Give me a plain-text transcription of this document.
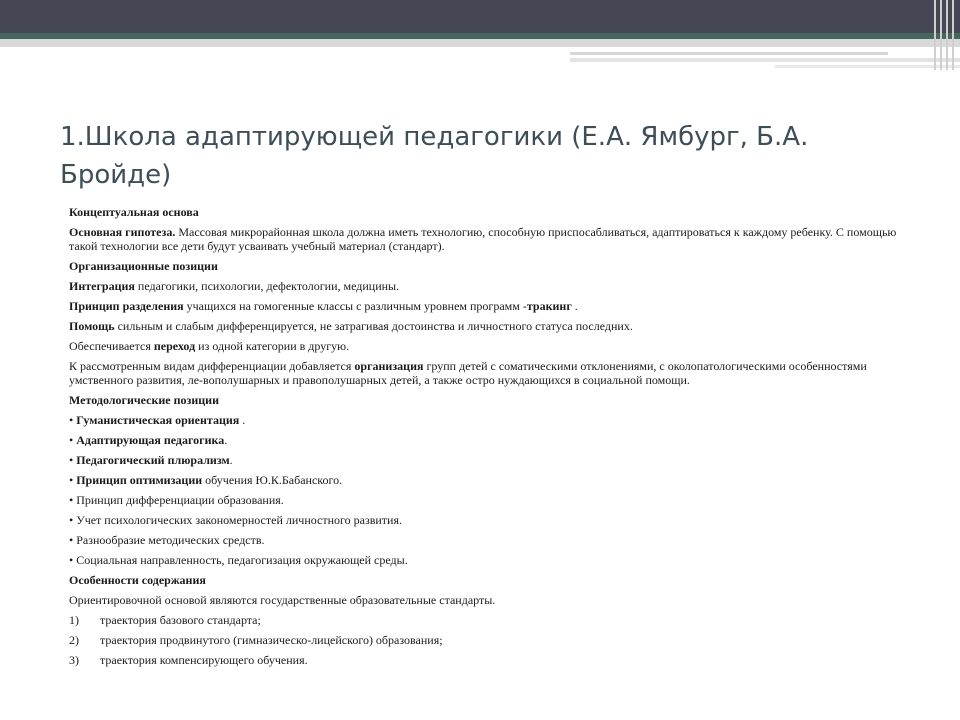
1.Школа адаптирующей педагогики (Е.А. Ямбург, Б.А. Бройде)

Концептуальная основа

Основная гипотеза. Массовая микрорайонная школа должна иметь технологию, способную приспосабливаться, адаптироваться к каждому ребенку. С помощью такой технологии все дети будут усваивать учебный материал (стандарт).

Организационные позиции

Интеграция педагогики, психологии, дефектологии, медицины.

Принцип разделения учащихся на гомогенные классы с различным уровнем программ -тракинг .

Помощь сильным и слабым дифференцируется, не затрагивая достоинства и личностного статуса последних.

Обеспечивается переход из одной категории в другую.

К рассмотренным видам дифференциации добавляется организация групп детей с соматическими отклонениями, с околопатологическими особенностями умственного развития, ле-вополушарных и правополушарных детей, а также остро нуждающихся в социальной помощи.

Методологические позиции

• Гуманистическая ориентация .

• Адаптирующая педагогика.

• Педагогический плюрализм.

• Принцип оптимизации обучения Ю.К.Бабанского.

• Принцип дифференциации образования.

• Учет психологических закономерностей личностного развития.

• Разнообразие методических средств.

• Социальная направленность, педагогизация окружающей среды.

Особенности содержания

Ориентировочной основой являются государственные образовательные стандарты.

1) траектория базового стандарта;

2) траектория продвинутого (гимназическо-лицейского) образования;

3) траектория компенсирующего обучения.
